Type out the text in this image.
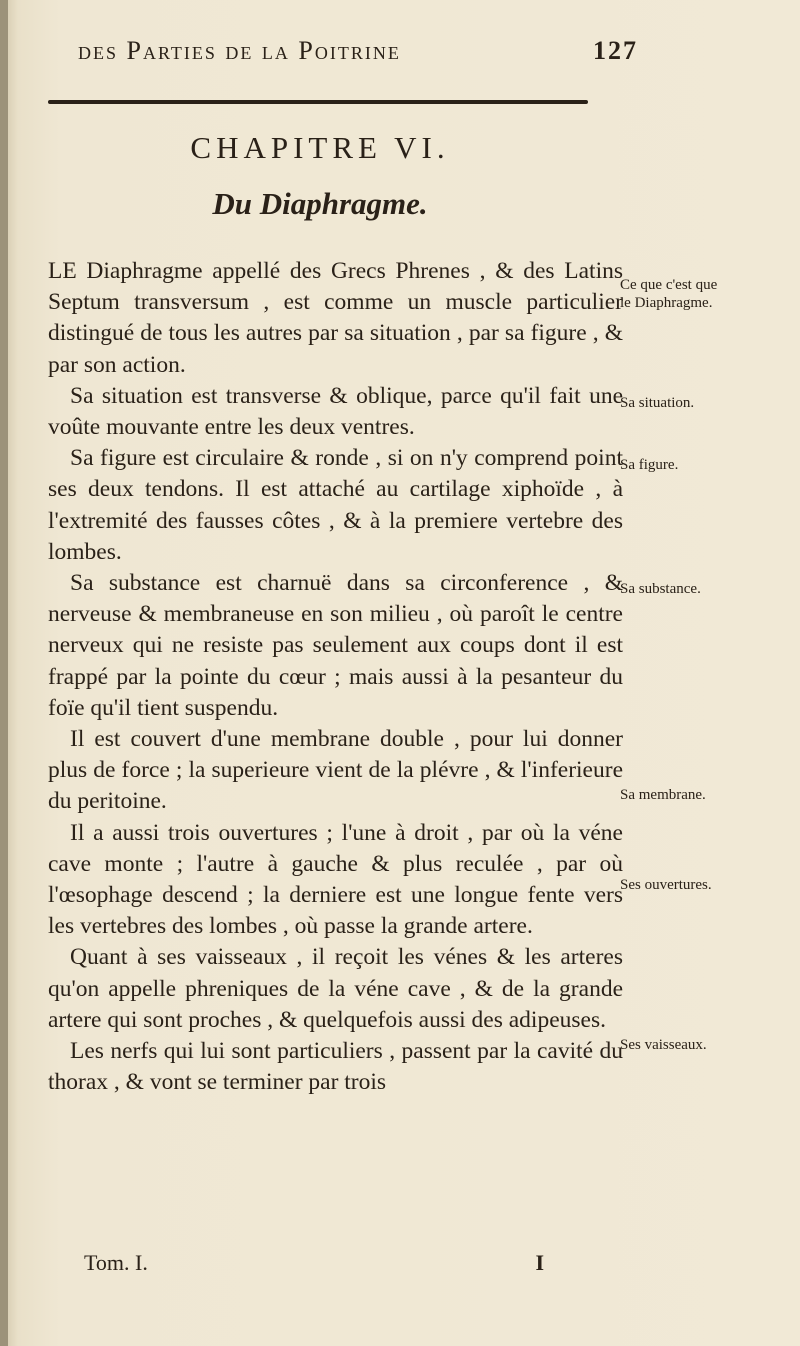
des Parties de la Poitrine	127
CHAPITRE VI.
Du Diaphragme.

LE Diaphragme appellé des Grecs Phrenes , & des Latins Septum transversum , est comme un muscle particulier distingué de tous les autres par sa situation , par sa figure , & par son action.

Sa situation est transverse & oblique, parce qu'il fait une voûte mouvante entre les deux ventres.

Sa figure est circulaire & ronde , si on n'y comprend point ses deux tendons. Il est attaché au cartilage xiphoïde , à l'extremité des fausses côtes , & à la premiere vertebre des lombes.

Sa substance est charnuë dans sa circonference , & nerveuse & membraneuse en son milieu , où paroît le centre nerveux qui ne resiste pas seulement aux coups dont il est frappé par la pointe du cœur ; mais aussi à la pesanteur du foïe qu'il tient suspendu.

Il est couvert d'une membrane double , pour lui donner plus de force ; la superieure vient de la plévre , & l'inferieure du peritoine.

Il a aussi trois ouvertures ; l'une à droit , par où la véne cave monte ; l'autre à gauche & plus reculée , par où l'œsophage descend ; la derniere est une longue fente vers les vertebres des lombes , où passe la grande artere.

Quant à ses vaisseaux , il reçoit les vénes & les arteres qu'on appelle phreniques de la véne cave , & de la grande artere qui sont proches , & quelquefois aussi des adipeuses.

Les nerfs qui lui sont particuliers , passent par la cavité du thorax , & vont se terminer par trois

Ce que c'est que le Diaphragme.
Sa situation.
Sa figure.
Sa substance.
Sa membrane.
Ses ouvertures.
Ses vaisseaux.
Tom. I.	I
